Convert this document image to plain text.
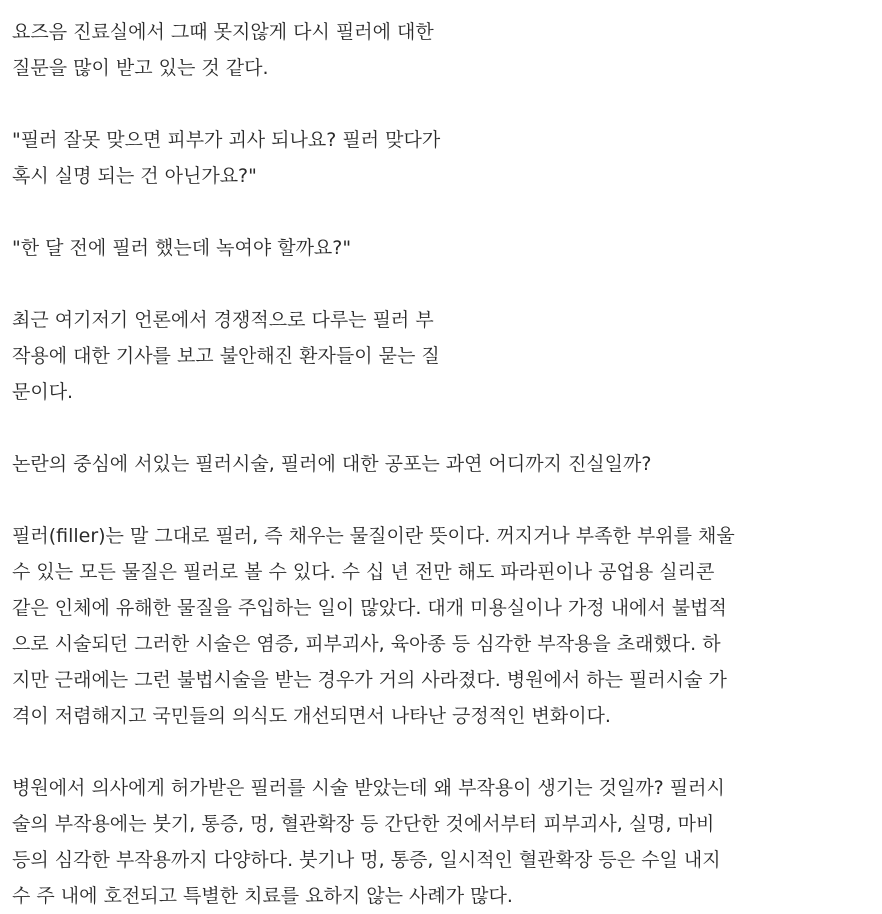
요즈음 진료실에서 그때 못지않게 다시 필러에 대한
질문을 많이 받고 있는 것 같다.
"필러 잘못 맞으면 피부가 괴사 되나요? 필러 맞다가
혹시 실명 되는 건 아닌가요?"
"한 달 전에 필러 했는데 녹여야 할까요?"
최근 여기저기 언론에서 경쟁적으로 다루는 필러 부
작용에 대한 기사를 보고 불안해진 환자들이 묻는 질
문이다.
논란의 중심에 서있는 필러시술, 필러에 대한 공포는 과연 어디까지 진실일까?
필러(filler)는 말 그대로 필러, 즉 채우는 물질이란 뜻이다. 꺼지거나 부족한 부위를 채울
수 있는 모든 물질은 필러로 볼 수 있다. 수 십 년 전만 해도 파라핀이나 공업용 실리콘
같은 인체에 유해한 물질을 주입하는 일이 많았다. 대개 미용실이나 가정 내에서 불법적
으로 시술되던 그러한 시술은 염증, 피부괴사, 육아종 등 심각한 부작용을 초래했다. 하
지만 근래에는 그런 불법시술을 받는 경우가 거의 사라졌다. 병원에서 하는 필러시술 가
격이 저렴해지고 국민들의 의식도 개선되면서 나타난 긍정적인 변화이다.
병원에서 의사에게 허가받은 필러를 시술 받았는데 왜 부작용이 생기는 것일까? 필러시
술의 부작용에는 붓기, 통증, 멍, 혈관확장 등 간단한 것에서부터 피부괴사, 실명, 마비
등의 심각한 부작용까지 다양하다. 붓기나 멍, 통증, 일시적인 혈관확장 등은 수일 내지
수 주 내에 호전되고 특별한 치료를 요하지 않는 사례가 많다.
